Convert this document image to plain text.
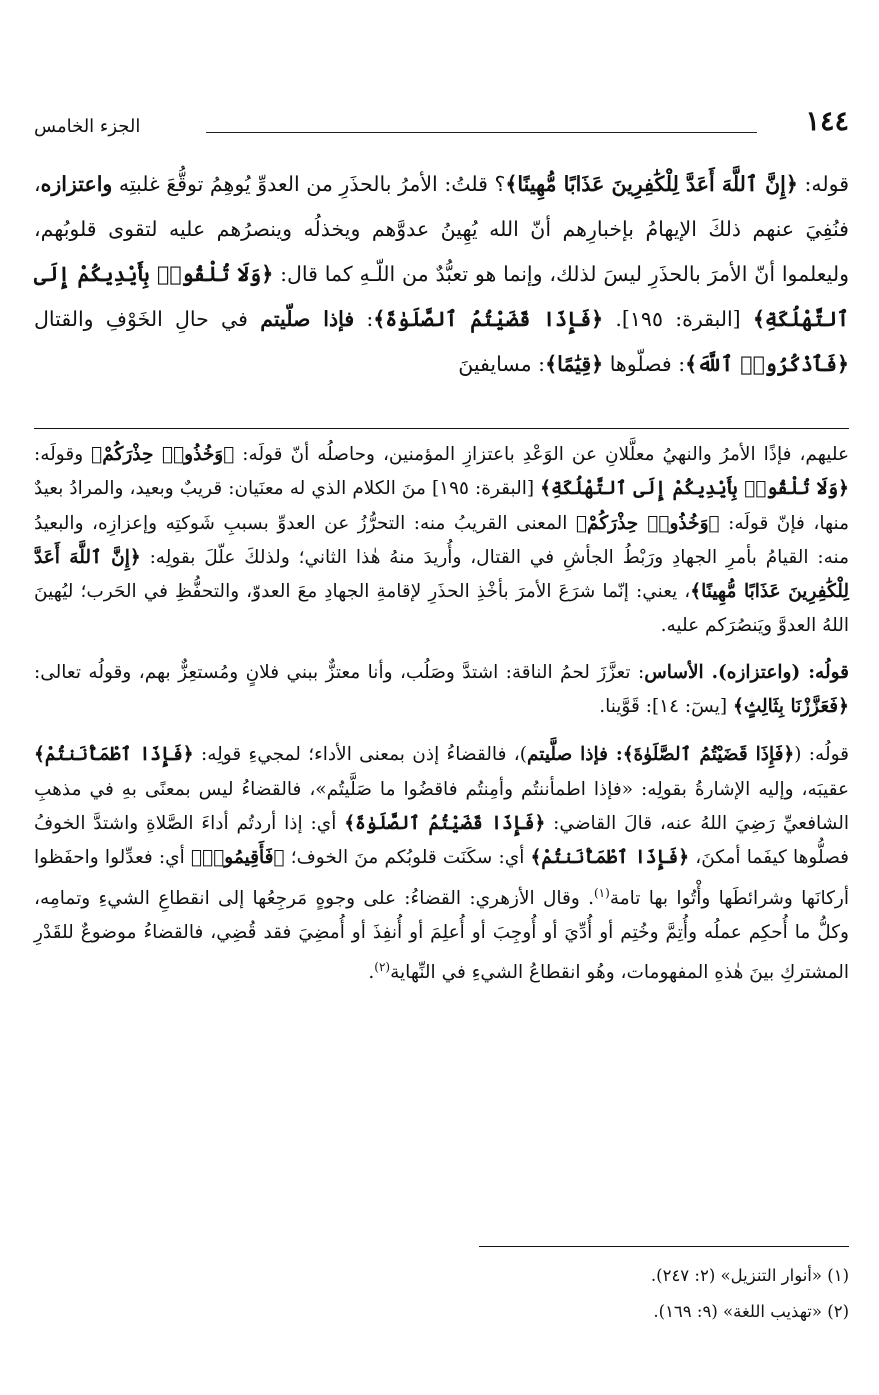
١٤٤
الجزء الخامس

قوله: ﴿إِنَّ ٱللَّهَ أَعَدَّ لِلْكَٰفِرِينَ عَذَابًا مُّهِينًا﴾؟ قلتُ: الأمرُ بالحذَرِ من العدوِّ يُوهِمُ توقُّعَ غلبتِه واعتزازه، فنُفِيَ عنهم ذلكَ الإيهامُ بإخبارِهم أنّ الله يُهِينُ عدوَّهم ويخذلُه وينصرُهم عليه لتقوى قلوبُهم، وليعلموا أنّ الأمرَ بالحذَرِ ليسَ لذلك، وإنما هو تعبُّدٌ من اللّـهِ كما قال: ﴿وَلَا تُلْقُوا۟ بِأَيْدِيكُمْ إِلَى ٱلتَّهْلُكَةِ﴾ [البقرة: ١٩٥]. ﴿فَإِذَا قَضَيْتُمُ ٱلصَّلَوٰةَ﴾: فإذا صلّيتم في حالِ الخَوْفِ والقتال ﴿فَٱذْكُرُوا۟ ٱللَّهَ﴾: فصلّوها ﴿قِيَٰمًا﴾: مسايفينَ

عليهم، فإذًا الأمرُ والنهيُ معلَّلانِ عن الوَعْدِ باعتزازِ المؤمنين، وحاصلُه أنّ قولَه: ﴿وَخُذُوا۟ حِذْرَكُمْ﴾ وقولَه: ﴿وَلَا تُلْقُوا۟ بِأَيْدِيكُمْ إِلَى ٱلتَّهْلُكَةِ﴾ [البقرة: ١٩٥] منَ الكلام الذي له معنَيان: قريبٌ وبعيد، والمرادُ بعيدٌ منها، فإنّ قولَه: ﴿وَخُذُوا۟ حِذْرَكُمْ﴾ المعنى القريبُ منه: التحرُّزُ عن العدوِّ بسببِ شَوكتِه وإعزازِه، والبعيدُ منه: القيامُ بأمرِ الجهادِ ورَبْطُ الجأشِ في القتال، وأُريدَ منهُ هٰذا الثاني؛ ولذلكَ علّلَ بقولِه: ﴿إِنَّ ٱللَّهَ أَعَدَّ لِلْكَٰفِرِينَ عَذَابًا مُّهِينًا﴾، يعني: إنّما شرَعَ الأمرَ بأخْذِ الحذَرِ لإقامةِ الجهادِ معَ العدوّ، والتحفُّظِ في الحَرب؛ ليُهينَ اللهُ العدوَّ ويَنصُرَكم عليه.

قولُه: (واعتزازه). الأساس: تعزَّزَ لحمُ الناقة: اشتدَّ وصَلُب، وأنا معتزٌّ ببني فلانٍ ومُستعِزٌّ بهم، وقولُه تعالى: ﴿فَعَزَّزْنَا بِثَالِثٍ﴾ [يسٓ: ١٤]: قَوَّينا.

قولُه: (﴿فَإِذَا قَضَيْتُمُ ٱلصَّلَوٰةَ﴾: فإذا صلَّيتم)، فالقضاءُ إذن بمعنى الأداء؛ لمجيءِ قولِه: ﴿فَإِذَا ٱطْمَأْنَنتُمْ﴾ عقيبَه، وإليه الإشارةُ بقولِه: «فإذا اطمأننتُم وأمِنتُم فاقضُوا ما صَلَّيتُم»، فالقضاءُ ليس بمعنًى بهِ في مذهبِ الشافعيِّ رَضِيَ اللهُ عنه، قالَ القاضي: ﴿فَإِذَا قَضَيْتُمُ ٱلصَّلَوٰةَ﴾ أي: إذا أردتُم أداءَ الصَّلاةِ واشتدَّ الخوفُ فصلُّوها كيفَما أمكنَ، ﴿فَإِذَا ٱطْمَأْنَنتُمْ﴾ أي: سكَنَت قلوبُكم منَ الخوف؛ ﴿فَأَقِيمُوا۟﴾ أي: فعدِّلوا واحفَظوا أركانَها وشرائطَها وأْتُوا بها تامة$^{(١)}$. وقال الأزهري: القضاءُ: على وجوهٍ مَرجِعُها إلى انقطاعِ الشيءِ وتمامِه، وكلُّ ما أُحكِم عملُه وأُتِمَّ وخُتِم أو أُدِّيَ أو أُوجِبَ أو أُعلِمَ أو أُنفِذَ أو أُمضِيَ فقد قُضِي، فالقضاءُ موضوعٌ للقَدْرِ المشتركِ بينَ هٰذهِ المفهومات، وهُو انقطاعُ الشيءِ في النِّهاية$^{(٢)}$.

(١) «أنوار التنزيل» (٢: ٢٤٧).
(٢) «تهذيب اللغة» (٩: ١٦٩).
